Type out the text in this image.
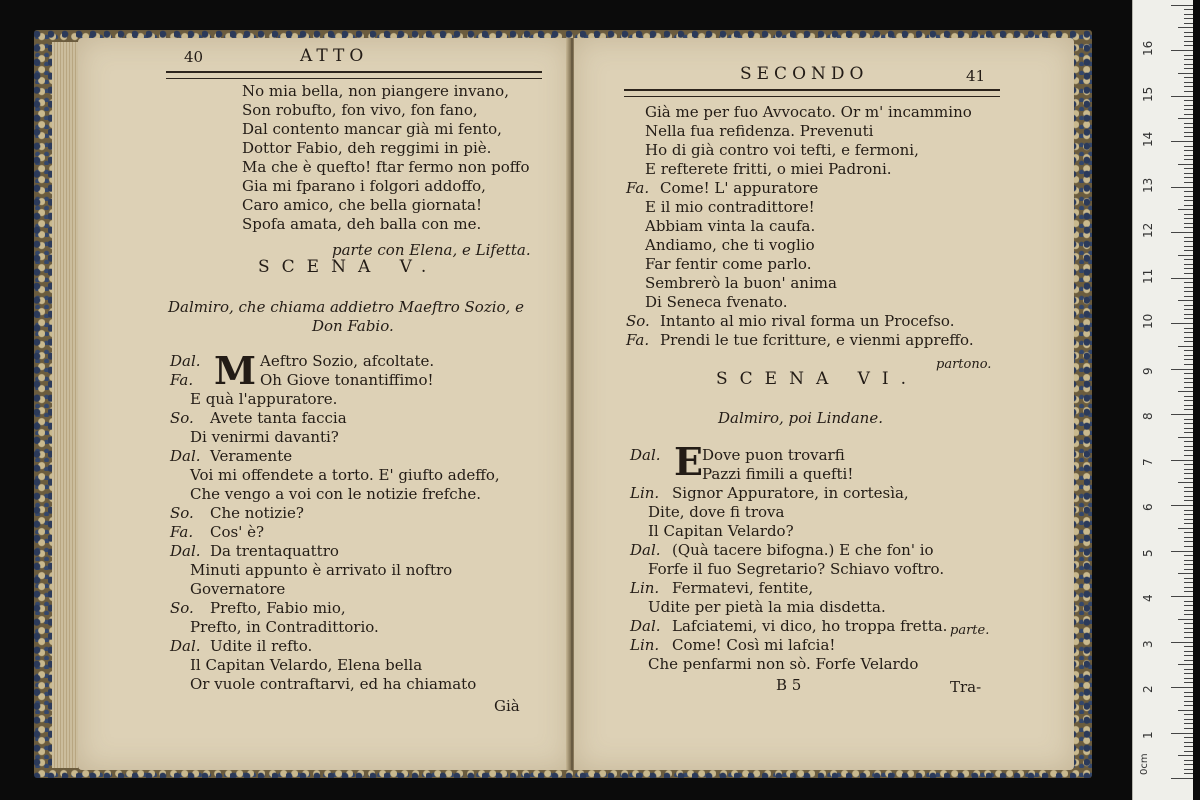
40	ATTO
No mia bella, non piangere invano,
Son robufto, fon vivo, fon fano,
Dal contento mancar già mi fento,
Dottor Fabio, deh reggimi in piè.
Ma che è quefto! ftar fermo non poffo
Gia mi fparano i folgori addoffo,
Caro amico, che bella giornata!
Spofa amata, deh balla con me.
parte con Elena, e Lifetta.
SCENA V.
Dalmiro, che chiama addietro Maeftro Sozio, e
Don Fabio.
M
Dal.	Aeftro Sozio, afcoltate.
Fa.	Oh Giove tonantiffimo!
E quà l'appuratore.
So. Avete tanta faccia
Di venirmi davanti?
Dal. Veramente
Voi mi offendete a torto. E' giufto adeffo,
Che vengo a voi con le notizie frefche.
So. Che notizie?
Fa. Cos' è?
Dal. Da trentaquattro
Minuti appunto è arrivato il noftro
Governatore
So. Prefto, Fabio mio,
Prefto, in Contradittorio.
Dal. Udite il refto.
Il Capitan Velardo, Elena bella
Or vuole contraftarvi, ed ha chiamato
Già
SECONDO	41
Già me per fuo Avvocato. Or m' incammino
Nella fua refidenza. Prevenuti
Ho di già contro voi tefti, e fermoni,
E refterete fritti, o miei Padroni.
Fa. Come! L' appuratore
E il mio contradittore!
Abbiam vinta la caufa.
Andiamo, che ti voglio
Far fentir come parlo.
Sembrerò la buon' anima
Di Seneca fvenato.
So. Intanto al mio rival forma un Procefso.
Fa. Prendi le tue fcritture, e vienmi appreffo.
partono.
SCENA VI.
Dalmiro, poi Lindane.
E
Dal.	Dove puon trovarfi
Pazzi fimili a quefti!
Lin. Signor Appuratore, in cortesìa,
Dite, dove fi trova
Il Capitan Velardo?
Dal. (Quà tacere bifogna.) E che fon' io
Forfe il fuo Segretario? Schiavo voftro.
Lin. Fermatevi, fentite,
Udite per pietà la mia disdetta.
Dal. Lafciatemi, vi dico, ho troppa fretta.
Lin. Come! Così mi lafcia!
Che penfarmi non sò. Forfe Velardo
parte.
B 5	Tra-
0cm
1
2
3
4
5
6
7
8
9
10
11
12
13
14
15
16
